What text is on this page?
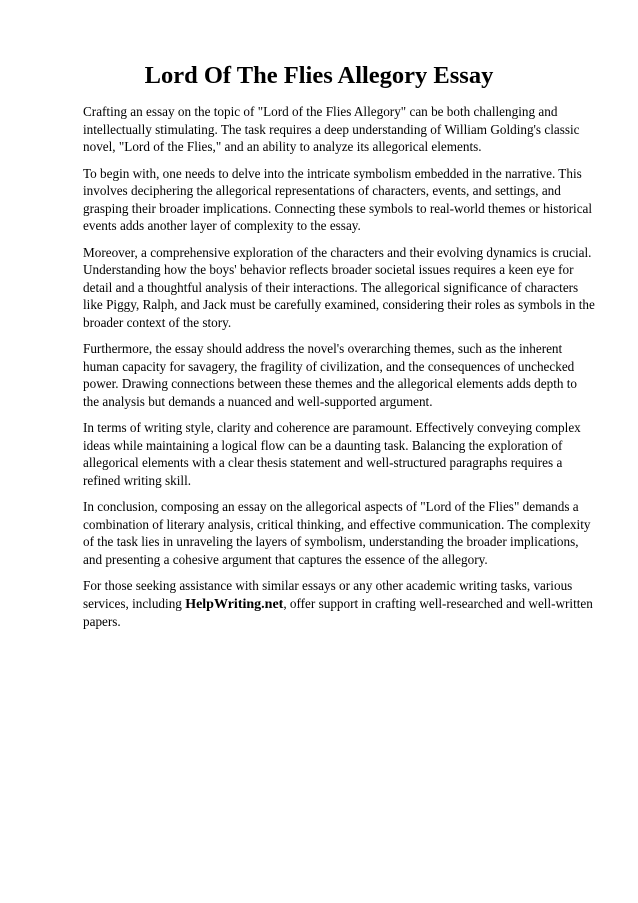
Lord Of The Flies Allegory Essay

Crafting an essay on the topic of "Lord of the Flies Allegory" can be both challenging and intellectually stimulating. The task requires a deep understanding of William Golding's classic novel, "Lord of the Flies," and an ability to analyze its allegorical elements.

To begin with, one needs to delve into the intricate symbolism embedded in the narrative. This involves deciphering the allegorical representations of characters, events, and settings, and grasping their broader implications. Connecting these symbols to real-world themes or historical events adds another layer of complexity to the essay.

Moreover, a comprehensive exploration of the characters and their evolving dynamics is crucial. Understanding how the boys' behavior reflects broader societal issues requires a keen eye for detail and a thoughtful analysis of their interactions. The allegorical significance of characters like Piggy, Ralph, and Jack must be carefully examined, considering their roles as symbols in the broader context of the story.

Furthermore, the essay should address the novel's overarching themes, such as the inherent human capacity for savagery, the fragility of civilization, and the consequences of unchecked power. Drawing connections between these themes and the allegorical elements adds depth to the analysis but demands a nuanced and well-supported argument.

In terms of writing style, clarity and coherence are paramount. Effectively conveying complex ideas while maintaining a logical flow can be a daunting task. Balancing the exploration of allegorical elements with a clear thesis statement and well-structured paragraphs requires a refined writing skill.

In conclusion, composing an essay on the allegorical aspects of "Lord of the Flies" demands a combination of literary analysis, critical thinking, and effective communication. The complexity of the task lies in unraveling the layers of symbolism, understanding the broader implications, and presenting a cohesive argument that captures the essence of the allegory.

For those seeking assistance with similar essays or any other academic writing tasks, various services, including HelpWriting.net, offer support in crafting well-researched and well-written papers.
